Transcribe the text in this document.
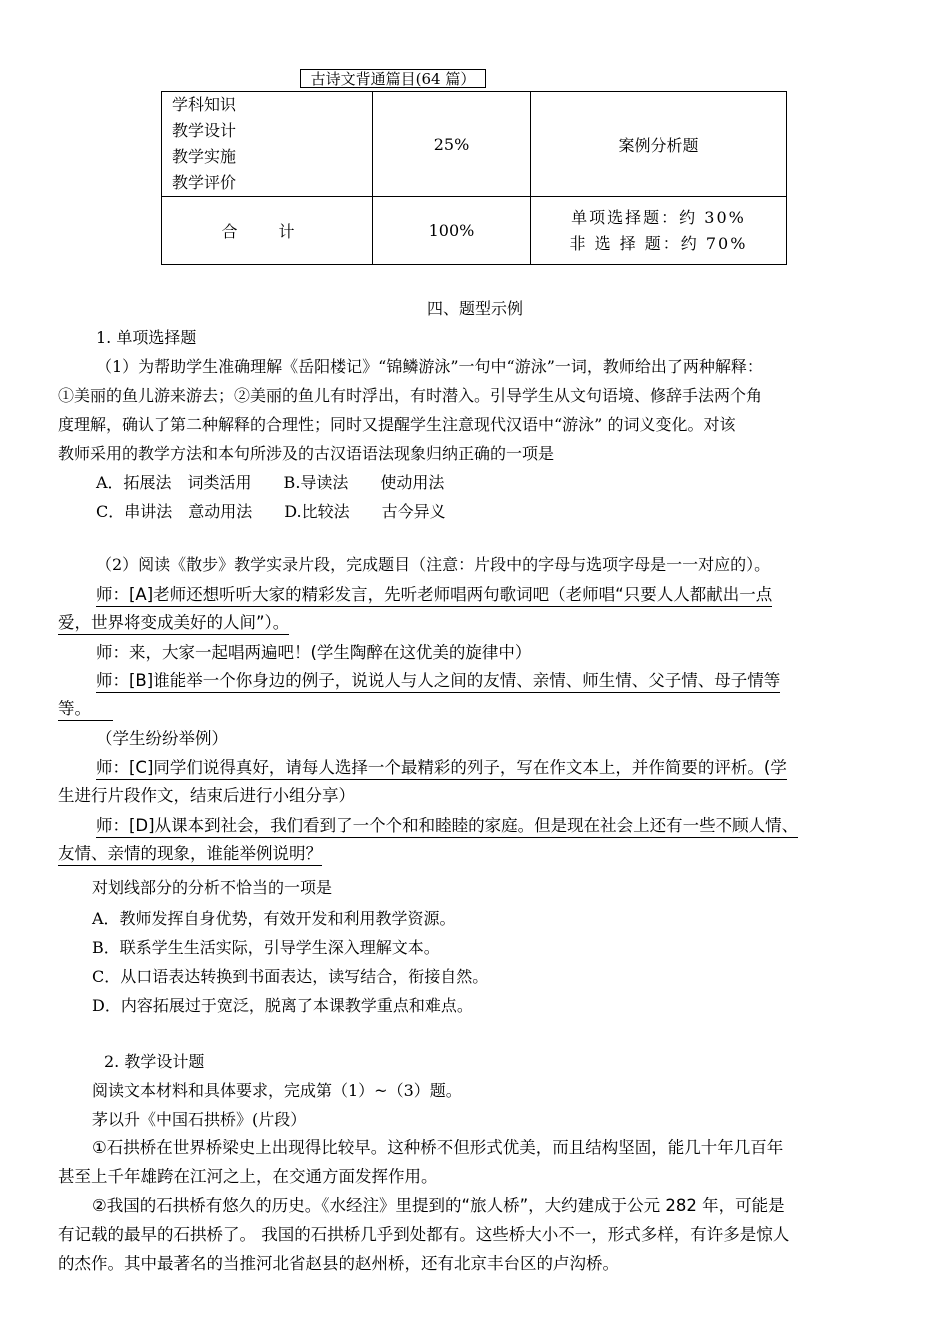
古诗文背通篇目(64 篇）
学科知识
教学设计
教学实施
教学评价	25%	案例分析题
合 计	100%	单项选择题：约 30%
非 选 择 题：约 70%
四、题型示例
1. 单项选择题
（1）为帮助学生准确理解《岳阳楼记》“锦鳞游泳”一句中“游泳”一词，教师给出了两种解释：
①美丽的鱼儿游来游去；②美丽的鱼儿有时浮出，有时潜入。引导学生从文句语境、修辞手法两个角
度理解，确认了第二种解释的合理性；同时又提醒学生注意现代汉语中“游泳” 的词义变化。对该
教师采用的教学方法和本句所涉及的古汉语语法现象归纳正确的一项是
A．拓展法　词类活用　　B.导读法　　使动用法
C．串讲法　意动用法　　D.比较法　　古今异义
（2）阅读《散步》教学实录片段，完成题目（注意：片段中的字母与选项字母是一一对应的）。
师：[A]老师还想听听大家的精彩发言，先听老师唱两句歌词吧（老师唱“只要人人都献出一点
爱，世界将变成美好的人间”）。
师：来，大家一起唱两遍吧！(学生陶醉在这优美的旋律中）
师：[B]谁能举一个你身边的例子，说说人与人之间的友情、亲情、师生情、父子情、母子情等
等。
（学生纷纷举例）
师：[C]同学们说得真好，请每人选择一个最精彩的列子，写在作文本上，并作简要的评析。(学
生进行片段作文，结束后进行小组分享）
师：[D]从课本到社会，我们看到了一个个和和睦睦的家庭。但是现在社会上还有一些不顾人情、
友情、亲情的现象，谁能举例说明？
对划线部分的分析不恰当的一项是
A．教师发挥自身优势，有效开发和利用教学资源。
B．联系学生生活实际，引导学生深入理解文本。
C．从口语表达转换到书面表达，读写结合，衔接自然。
D．内容拓展过于宽泛，脱离了本课教学重点和难点。
2. 教学设计题
阅读文本材料和具体要求，完成第（1）~（3）题。
茅以升《中国石拱桥》(片段）
①石拱桥在世界桥梁史上出现得比较早。这种桥不但形式优美，而且结构坚固，能几十年几百年
甚至上千年雄跨在江河之上，在交通方面发挥作用。
②我国的石拱桥有悠久的历史。《水经注》里提到的“旅人桥”，大约建成于公元 282 年，可能是
有记载的最早的石拱桥了。 我国的石拱桥几乎到处都有。这些桥大小不一，形式多样，有许多是惊人
的杰作。其中最著名的当推河北省赵县的赵州桥，还有北京丰台区的卢沟桥。
